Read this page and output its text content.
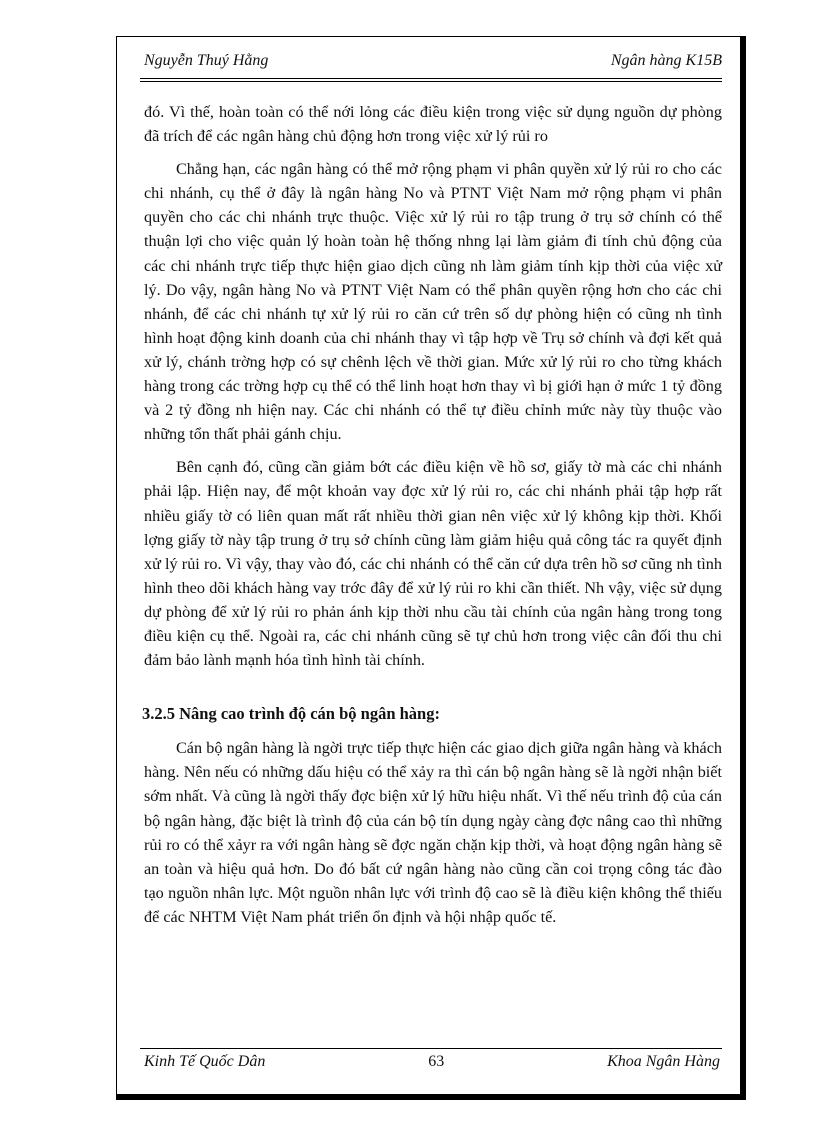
Nguyễn Thuý Hằng	Ngân hàng K15B

đó. Vì thế, hoàn toàn có thể nới lỏng các điều kiện trong việc sử dụng nguồn dự phòng đã trích để các ngân hàng chủ động hơn trong việc xử lý rủi ro

Chẳng hạn, các ngân hàng có thể mở rộng phạm vi phân quyền xử lý rủi ro cho các chi nhánh, cụ thể ở đây là ngân hàng No và PTNT Việt Nam mở rộng phạm vi phân quyền cho các chi nhánh trực thuộc. Việc xử lý rủi ro tập trung ở trụ sở chính có thể thuận lợi cho việc quản lý hoàn toàn hệ thống nhng lại làm giảm đi tính chủ động của các chi nhánh trực tiếp thực hiện giao dịch cũng nh làm giảm tính kịp thời của việc xử lý. Do vậy, ngân hàng No và PTNT Việt Nam có thể phân quyền rộng hơn cho các chi nhánh, để các chi nhánh tự xử lý rủi ro căn cứ trên số dự phòng hiện có cũng nh tình hình hoạt động kinh doanh của chi nhánh thay vì tập hợp về Trụ sở chính và đợi kết quả xử lý, chánh trờng hợp có sự chênh lệch về thời gian. Mức xử lý rủi ro cho từng khách hàng trong các trờng hợp cụ thể có thể linh hoạt hơn thay vì bị giới hạn ở mức 1 tỷ đồng và 2 tỷ đồng nh hiện nay. Các chi nhánh có thể tự điều chỉnh mức này tùy thuộc vào những tổn thất phải gánh chịu.

Bên cạnh đó, cũng cần giảm bớt các điều kiện về hồ sơ, giấy tờ mà các chi nhánh phải lập. Hiện nay, để một khoản vay đợc xử lý rủi ro, các chi nhánh phải tập hợp rất nhiều giấy tờ có liên quan mất rất nhiều thời gian nên việc xử lý không kịp thời. Khối lợng giấy tờ này tập trung ở trụ sở chính cũng làm giảm hiệu quả công tác ra quyết định xử lý rủi ro. Vì vậy, thay vào đó, các chi nhánh có thể căn cứ dựa trên hồ sơ cũng nh tình hình theo dõi khách hàng vay trớc đây để xử lý rủi ro khi cần thiết. Nh vậy, việc sử dụng dự phòng để xử lý rủi ro phản ánh kịp thời nhu cầu tài chính của ngân hàng trong tong điều kiện cụ thể. Ngoài ra, các chi nhánh cũng sẽ tự chủ hơn trong việc cân đối thu chi đảm bảo lành mạnh hóa tình hình tài chính.

3.2.5 Nâng cao trình độ cán bộ ngân hàng:

Cán bộ ngân hàng là ngời trực tiếp thực hiện các giao dịch giữa ngân hàng và khách hàng. Nên nếu có những dấu hiệu có thể xảy ra thì cán bộ ngân hàng sẽ là ngời nhận biết sớm nhất. Và cũng là ngời thấy đợc biện xử lý hữu hiệu nhất. Vì thế nếu trình độ của cán bộ ngân hàng, đặc biệt là trình độ của cán bộ tín dụng ngày càng đợc nâng cao thì những rủi ro có thể xảyr ra với ngân hàng sẽ đợc ngăn chặn kịp thời, và hoạt động ngân hàng sẽ an toàn và hiệu quả hơn. Do đó bất cứ ngân hàng nào cũng cần coi trọng công tác đào tạo nguồn nhân lực. Một nguồn nhân lực với trình độ cao sẽ là điều kiện không thể thiếu để các NHTM Việt Nam phát triển ổn định và hội nhập quốc tế.

Kinh Tế Quốc Dân	63	Khoa Ngân Hàng
